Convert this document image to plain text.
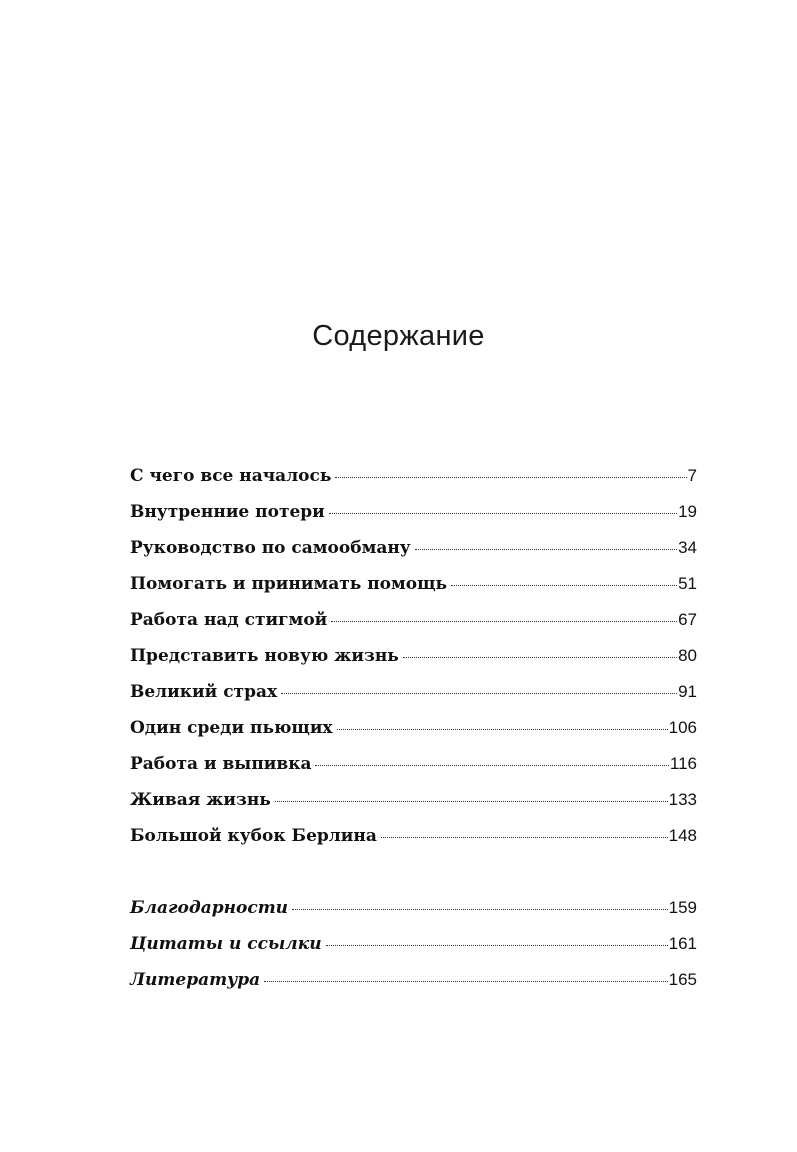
Содержание
С чего все началось	7
Внутренние потери	19
Руководство по самообману	34
Помогать и принимать помощь	51
Работа над стигмой	67
Представить новую жизнь	80
Великий страх	91
Один среди пьющих	106
Работа и выпивка	116
Живая жизнь	133
Большой кубок Берлина	148
Благодарности	159
Цитаты и ссылки	161
Литература	165
